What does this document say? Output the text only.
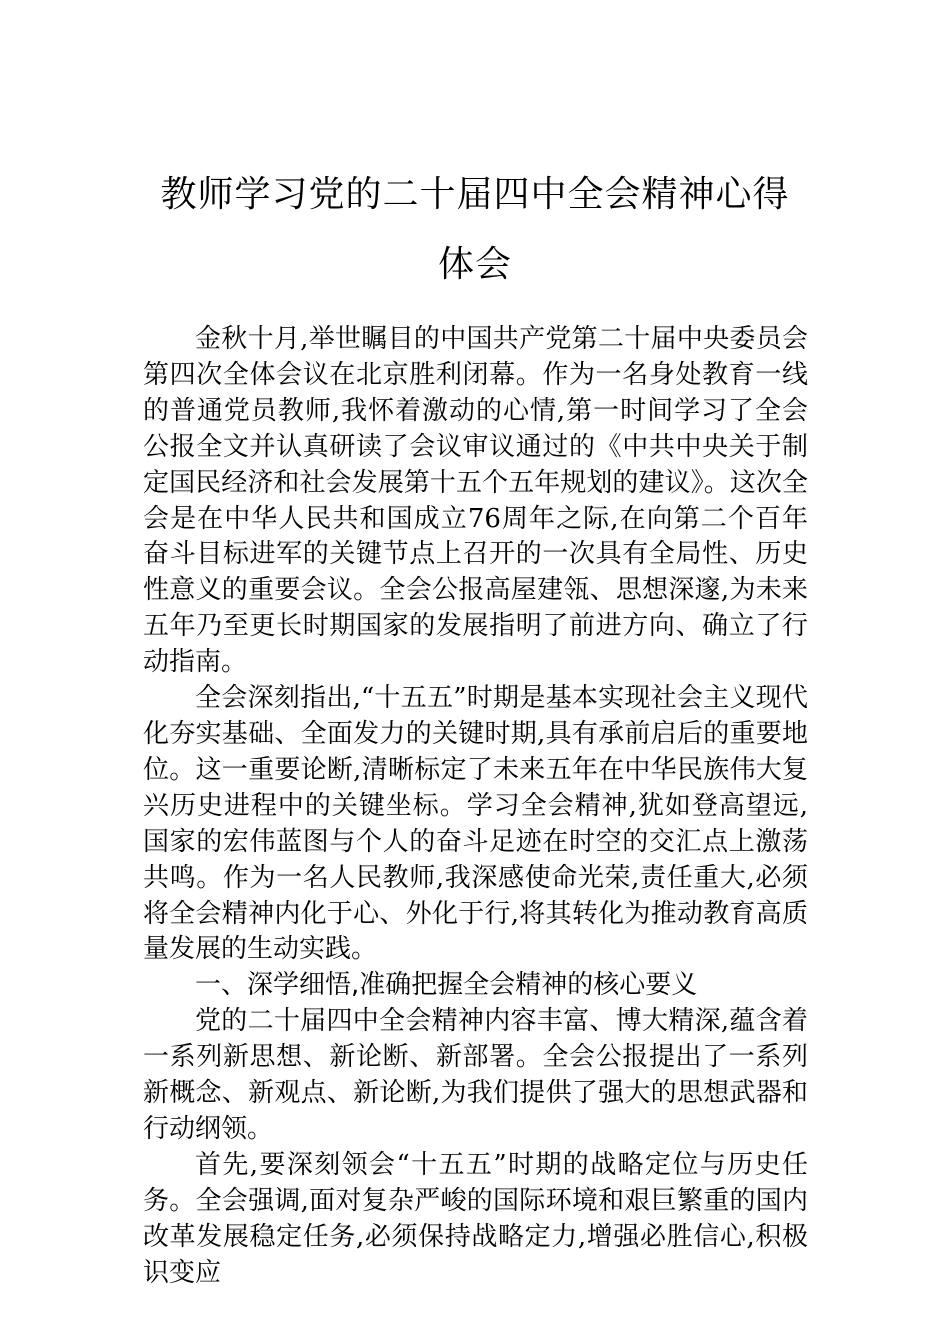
教师学习党的二十届四中全会精神心得体会

金秋十月,举世瞩目的中国共产党第二十届中央委员会第四次全体会议在北京胜利闭幕。作为一名身处教育一线的普通党员教师,我怀着激动的心情,第一时间学习了全会公报全文并认真研读了会议审议通过的《中共中央关于制定国民经济和社会发展第十五个五年规划的建议》。这次全会是在中华人民共和国成立76周年之际,在向第二个百年奋斗目标进军的关键节点上召开的一次具有全局性、历史性意义的重要会议。全会公报高屋建瓴、思想深邃,为未来五年乃至更长时期国家的发展指明了前进方向、确立了行动指南。

全会深刻指出,“十五五”时期是基本实现社会主义现代化夯实基础、全面发力的关键时期,具有承前启后的重要地位。这一重要论断,清晰标定了未来五年在中华民族伟大复兴历史进程中的关键坐标。学习全会精神,犹如登高望远,国家的宏伟蓝图与个人的奋斗足迹在时空的交汇点上激荡共鸣。作为一名人民教师,我深感使命光荣,责任重大,必须将全会精神内化于心、外化于行,将其转化为推动教育高质量发展的生动实践。

一、深学细悟,准确把握全会精神的核心要义

党的二十届四中全会精神内容丰富、博大精深,蕴含着一系列新思想、新论断、新部署。全会公报提出了一系列新概念、新观点、新论断,为我们提供了强大的思想武器和行动纲领。

首先,要深刻领会“十五五”时期的战略定位与历史任务。全会强调,面对复杂严峻的国际环境和艰巨繁重的国内改革发展稳定任务,必须保持战略定力,增强必胜信心,积极识变应
